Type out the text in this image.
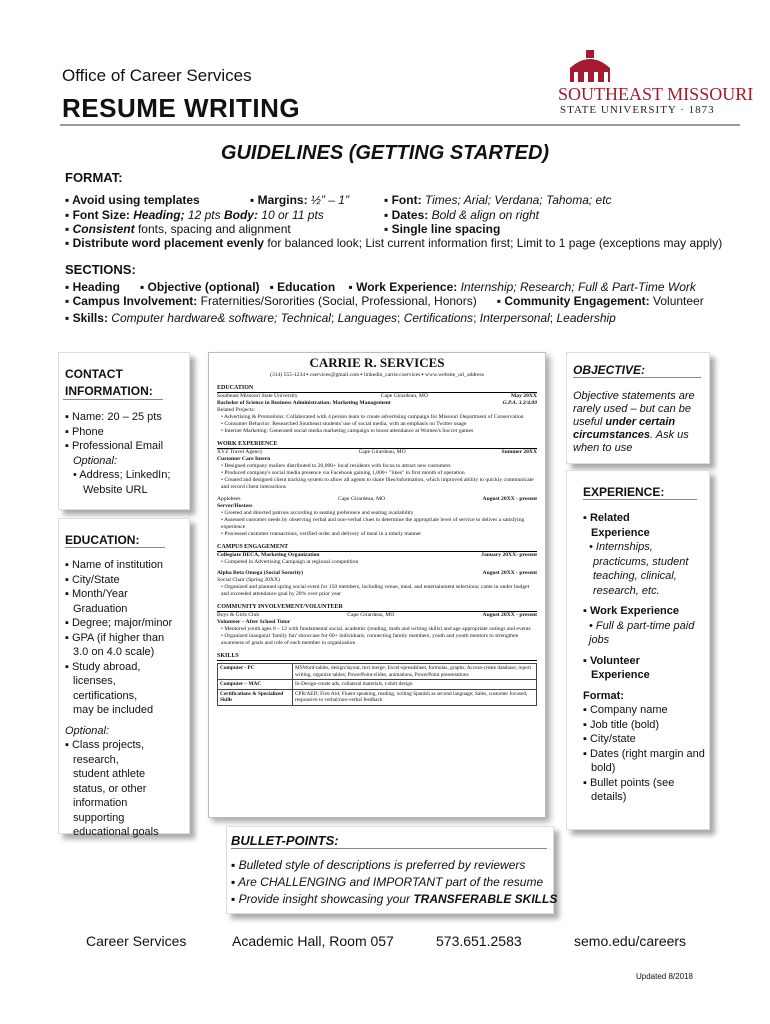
Office of Career Services
RESUME WRITING	SOUTHEAST MISSOURI
STATE UNIVERSITY · 1873
GUIDELINES (GETTING STARTED)
FORMAT:
▪ Avoid using templates	▪ Margins: ½” – 1”	▪ Font: Times; Arial; Verdana; Tahoma; etc
▪ Font Size: Heading; 12 pts Body: 10 or 11 pts	▪ Dates: Bold & align on right
▪ Consistent fonts, spacing and alignment	▪ Single line spacing
▪ Distribute word placement evenly for balanced look; List current information first; Limit to 1 page (exceptions may apply)
SECTIONS:
▪ Heading ▪ Objective (optional) ▪ Education ▪ Work Experience: Internship; Research; Full & Part-Time Work
▪ Campus Involvement: Fraternities/Sororities (Social, Professional, Honors) ▪ Community Engagement: Volunteer
▪ Skills: Computer hardware& software; Technical; Languages; Certifications; Interpersonal; Leadership
CONTACT
INFORMATION:
▪ Name: 20 – 25 pts
▪ Phone
▪ Professional Email
Optional:
• Address; LinkedIn;
Website URL
EDUCATION:
▪ Name of institution
▪ City/State
▪ Month/Year
Graduation
▪ Degree; major/minor
▪ GPA (if higher than
3.0 on 4.0 scale)
▪ Study abroad,
licenses,
certifications,
may be included
Optional:
▪ Class projects,
research,
student athlete
status, or other
information
supporting
educational goals
CARRIE R. SERVICES
(314) 555-1234 ▪ cservices@gmail.com ▪ linkedin_carrie.r.services ▪ www.website_url_address
EDUCATION
Southeast Missouri State University	Cape Girardeau, MO	May 20XX
Bachelor of Science in Business Administration: Marketing Management	G.P.A. 3.2/4.00
Related Projects:
• Advertising & Promotions: Collaborated with 4 person team to create advertising campaign for Missouri Department of Conservation
• Consumer Behavior: Researched Southeast students' use of social media, with an emphasis on Twitter usage
• Internet Marketing: Generated social media marketing campaign to boost attendance at Women's Soccer games
WORK EXPERIENCE
XYZ Travel Agency	Cape Girardeau, MO	Summer 20XX
Customer Care Intern
• Designed company mailers distributed to 20,000+ local residents with focus to attract new customers
• Produced company's social media presence via Facebook gaining 1,000+ "likes" in first month of operation
• Created and designed client tracking system to allow all agents to share files/information, which improved ability to quickly communicate and record client interactions
Applebees	Cape Girardeau, MO	August 20XX - present
Server/Hostess
• Greeted and directed patrons according to seating preference and seating availability
• Assessed customer needs by observing verbal and non-verbal clues to determine the appropriate level of service to deliver a satisfying experience
• Processed customer transactions, verified order and delivery of meal in a timely manner
CAMPUS ENGAGEMENT
Collegiate DECA, Marketing Organization	January 20XX- present
• Competed in Advertising Campaign at regional competition
Alpha Beta Omega (Social Sorority)	August 20XX - present
Social Chair (Spring 20XX)
• Organized and planned spring social event for 150 members, including venue, meal, and entertainment selections; came in under budget and exceeded attendance goal by 20% over prior year
COMMUNITY INVOLVEMENT/VOLUNTEER
Boys & Girls Club	Cape Girardeau, MO	August 20XX - present
Volunteer – After School Tutor
• Mentored youth ages 8 – 12 with fundamental social, academic (reading, math and writing skills) and age appropriate outings and events
• Organized inaugural 'family fun' showcase for 60+ individuals, connecting family members, youth and youth mentors to strengthen awareness of goals and role of each member in organization
SKILLS
Computer - PC	MSWord-tables, design/layout, text merge; Excel-spreadsheet, formulas, graphs; Access-create database, report writing, organize tables; PowerPoint-slides, animations, PowerPoint presentations
Computer – MAC	In-Design-create ads, collateral materials, t-shirt design
Certifications & Specialized Skills	CPR/AED; First Aid; Fluent speaking, reading, writing Spanish as second language; Sales, customer focused, responsive to verbal/non-verbal feedback
OBJECTIVE:
Objective statements are
rarely used – but can be
useful under certain
circumstances. Ask us
when to use
EXPERIENCE:
▪ Related
Experience
• Internships,
practicums, student
teaching, clinical,
research, etc.
▪ Work Experience
• Full & part-time paid jobs
▪ Volunteer
Experience
Format:
▪ Company name
▪ Job title (bold)
▪ City/state
▪ Dates (right margin and
bold)
▪ Bullet points (see
details)
BULLET-POINTS:
▪ Bulleted style of descriptions is preferred by reviewers
▪ Are CHALLENGING and IMPORTANT part of the resume
▪ Provide insight showcasing your TRANSFERABLE SKILLS
Career Services	Academic Hall, Room 057	573.651.2583	semo.edu/careers
Updated 8/2018
